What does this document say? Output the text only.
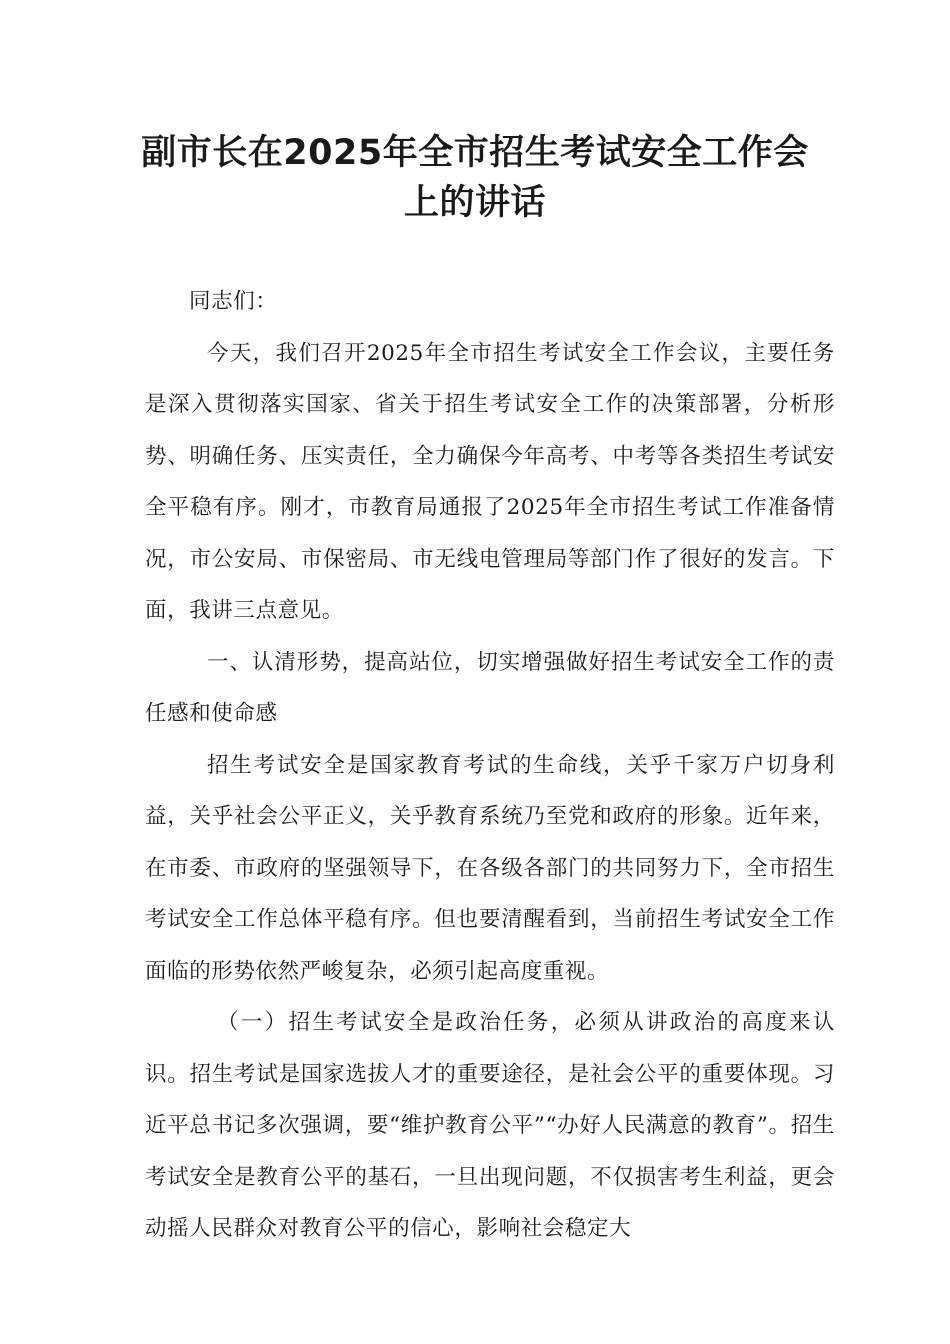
副市长在2025年全市招生考试安全工作会
上的讲话

同志们：

今天，我们召开2025年全市招生考试安全工作会议，主要任务是深入贯彻落实国家、省关于招生考试安全工作的决策部署，分析形势、明确任务、压实责任，全力确保今年高考、中考等各类招生考试安全平稳有序。刚才，市教育局通报了2025年全市招生考试工作准备情况，市公安局、市保密局、市无线电管理局等部门作了很好的发言。下面，我讲三点意见。

一、认清形势，提高站位，切实增强做好招生考试安全工作的责任感和使命感

招生考试安全是国家教育考试的生命线，关乎千家万户切身利益，关乎社会公平正义，关乎教育系统乃至党和政府的形象。近年来，在市委、市政府的坚强领导下，在各级各部门的共同努力下，全市招生考试安全工作总体平稳有序。但也要清醒看到，当前招生考试安全工作面临的形势依然严峻复杂，必须引起高度重视。

（一）招生考试安全是政治任务，必须从讲政治的高度来认识。招生考试是国家选拔人才的重要途径，是社会公平的重要体现。习近平总书记多次强调，要“维护教育公平”“办好人民满意的教育”。招生考试安全是教育公平的基石，一旦出现问题，不仅损害考生利益，更会动摇人民群众对教育公平的信心，影响社会稳定大
